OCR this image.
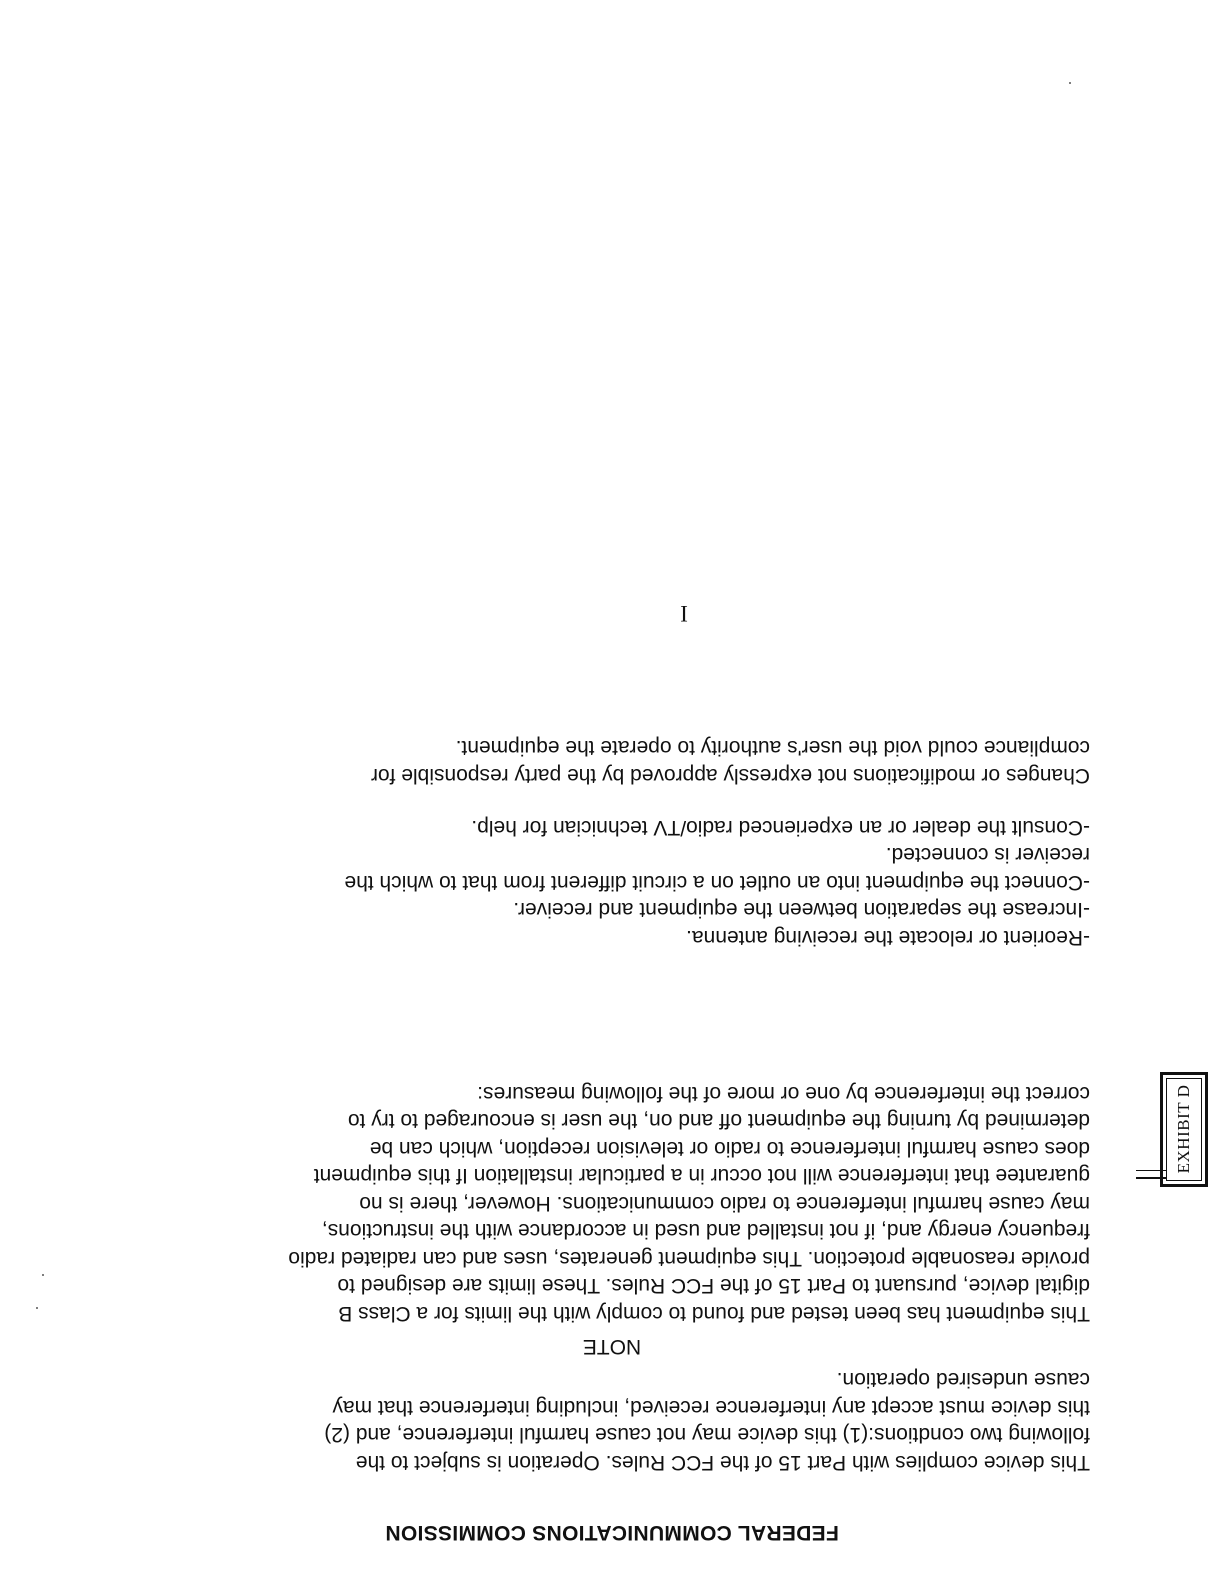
FEDERAL COMMUNICATIONS COMMISSION
This device complies with Part 15 of the FCC Rules. Operation is subject to the
following two condtions:(1) this device may not cause harmful interference, and (2)
this device must accept any interference received, including interference that may
cause undesired operation.
NOTE
This equipment has been tested and found to comply with the limits for a Class B
digital device, pursuant to Part 15 of the FCC Rules. These limits are designed to
provide reasonable protection. This equipment generates, uses and can radiated radio
frequency energy and, if not installed and used in accordance with the instructions,
may cause harmful interference to radio communications. However, there is no
guarantee that interference will not occur in a particular installation If this equipment
does cause harmful interference to radio or television reception, which can be
determined by turning the equipment off and on, the user is encouraged to try to
correct the interference by one or more of the following measures:
-Reorient or relocate the receiving antenna.
-Increase the separation between the equipment and receiver.
-Connect the equipment into an outlet on a circuit different from that to which the
receiver is connected.
-Consult the dealer or an experienced radio/TV technician for help.
Changes or modifications not expressly approved by the party responsible for
compliance could void the user's authority to operate the equipment.
I
EXHIBIT D
